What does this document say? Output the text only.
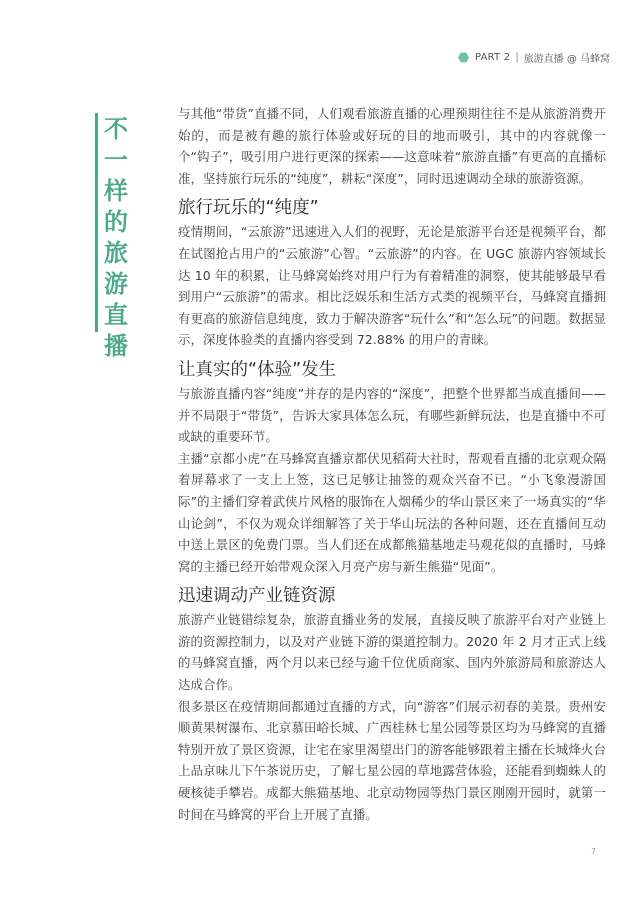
PART 2 | 旅游直播 @ 马蜂窝
不
一
样
的
旅
游
直
播

与其他“带货”直播不同，人们观看旅游直播的心理预期往往不是从旅游消费开始的，而是被有趣的旅行体验或好玩的目的地而吸引，其中的内容就像一个“钩子”，吸引用户进行更深的探索——这意味着“旅游直播”有更高的直播标准，坚持旅行玩乐的“纯度”，耕耘“深度”，同时迅速调动全球的旅游资源。

旅行玩乐的“纯度”

疫情期间，“云旅游”迅速进入人们的视野，无论是旅游平台还是视频平台，都在试图抢占用户的“云旅游”心智。“云旅游”的内容。在 UGC 旅游内容领域长达 10 年的积累，让马蜂窝始终对用户行为有着精准的洞察，使其能够最早看到用户“云旅游”的需求。相比泛娱乐和生活方式类的视频平台，马蜂窝直播拥有更高的旅游信息纯度，致力于解决游客“玩什么”和“怎么玩”的问题。数据显示，深度体验类的直播内容受到 72.88% 的用户的青睐。

让真实的“体验”发生

与旅游直播内容“纯度”并存的是内容的“深度”，把整个世界都当成直播间——并不局限于“带货”，告诉大家具体怎么玩，有哪些新鲜玩法，也是直播中不可或缺的重要环节。

主播“京都小虎”在马蜂窝直播京都伏见稻荷大社时，帮观看直播的北京观众隔着屏幕求了一支上上签，这已足够让抽签的观众兴奋不已。“小飞象漫游国际”的主播们穿着武侠片风格的服饰在人烟稀少的华山景区来了一场真实的“华山论剑”，不仅为观众详细解答了关于华山玩法的各种问题，还在直播间互动中送上景区的免费门票。当人们还在成都熊猫基地走马观花似的直播时，马蜂窝的主播已经开始带观众深入月亮产房与新生熊猫“见面”。

迅速调动产业链资源

旅游产业链错综复杂，旅游直播业务的发展，直接反映了旅游平台对产业链上游的资源控制力，以及对产业链下游的渠道控制力。2020 年 2 月才正式上线的马蜂窝直播，两个月以来已经与逾千位优质商家、国内外旅游局和旅游达人达成合作。

很多景区在疫情期间都通过直播的方式，向“游客”们展示初春的美景。贵州安顺黄果树瀑布、北京慕田峪长城、广西桂林七星公园等景区均为马蜂窝的直播特别开放了景区资源，让宅在家里渴望出门的游客能够跟着主播在长城烽火台上品京味儿下午茶说历史，了解七星公园的草地露营体验，还能看到蜘蛛人的硬核徒手攀岩。成都大熊猫基地、北京动物园等热门景区刚刚开园时，就第一时间在马蜂窝的平台上开展了直播。

7
